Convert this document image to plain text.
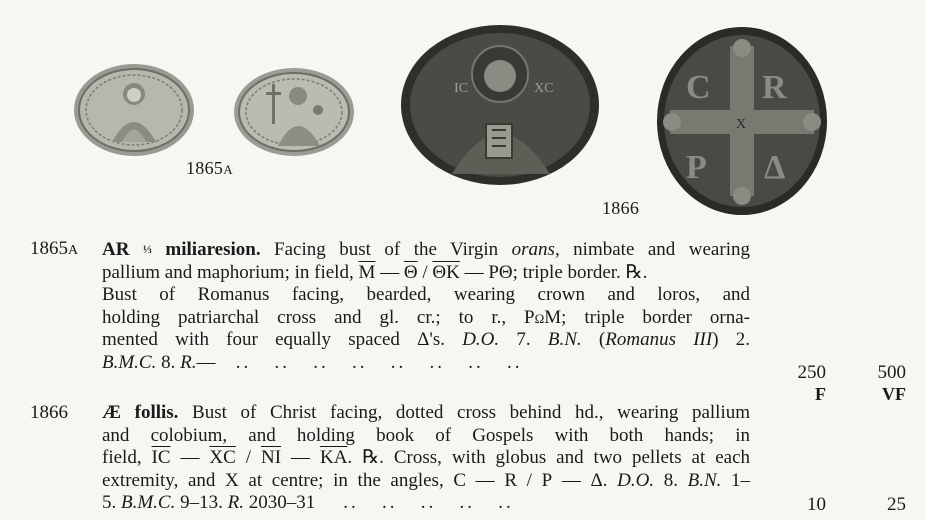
IC	XC
X
C R
P Δ
1865A
1866
1865A	AR ⅓ miliaresion. Facing bust of the Virgin orans, nimbate and wearing
pallium and maphorium; in field, $\overline{M}$ — $\overline{\Theta} / \overline{\Theta K}$ — PΘ; triple border. ℞.
Bust of Romanus facing, bearded, wearing crown and loros, and
holding patriarchal cross and gl. cr.; to r., PωM; triple border orna-
mented with four equally spaced Δ's. D.O. 7. B.N. (Romanus III) 2.
B.M.C. 8. R.—   ..   ..   ..   ..   ..   ..   ..   ..	250	500
F	VF
1866	Æ follis. Bust of Christ facing, dotted cross behind hd., wearing pallium
and colobium, and holding book of Gospels with both hands; in
field, $\overline{IC}$ — $\overline{XC} / \overline{NI}$ — $\overline{KA}$. ℞. Cross, with globus and two pellets at each
extremity, and X at centre; in the angles, C — R / P — Δ. D.O. 8. B.N. 1–
5. B.M.C. 9–13. R. 2030–31    ..   ..   ..   ..   ..	10	25
